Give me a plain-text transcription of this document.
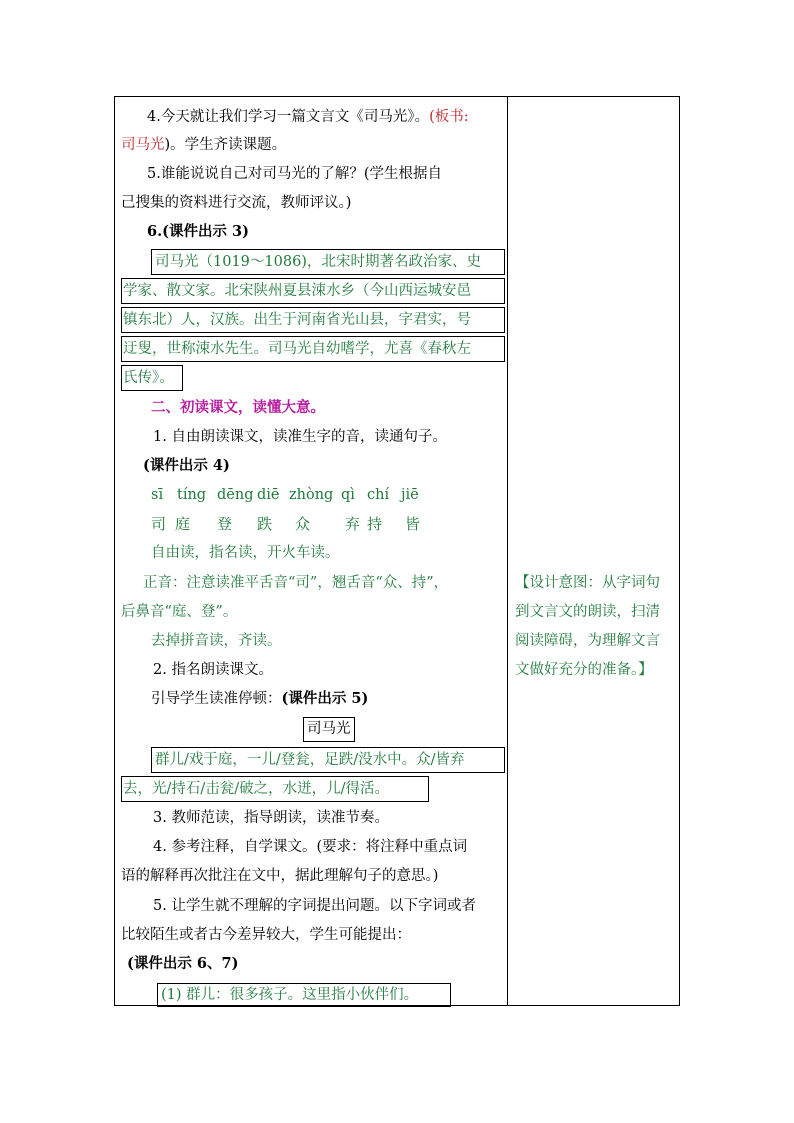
4.今天就让我们学习一篇文言文《司马光》。(板书:
司马光)。学生齐读课题。
5.谁能说说自己对司马光的了解？(学生根据自
己搜集的资料进行交流，教师评议。)
6.(课件出示 3)
司马光（1019～1086)，北宋时期著名政治家、史
学家、散文家。北宋陕州夏县涑水乡（今山西运城安邑
镇东北）人，汉族。出生于河南省光山县，字君实，号
迂叟，世称涑水先生。司马光自幼嗜学，尤喜《春秋左
氏传》。
二、初读课文，读懂大意。
1. 自由朗读课文，读准生字的音，读通句子。
(课件出示 4)
sī tíng dēng diē zhòng qì chí jiē
司 庭 登 跌 众 弃 持 皆
自由读，指名读，开火车读。
正音：注意读准平舌音“司”，翘舌音“众、持”，
后鼻音“庭、登”。
去掉拼音读，齐读。
2. 指名朗读课文。
引导学生读准停顿：(课件出示 5)
司马光
群儿/戏于庭，一儿/登瓮，足跌/没水中。众/皆弃
去，光/持石/击瓮/破之，水迸，儿/得活。
3. 教师范读，指导朗读，读准节奏。
4. 参考注释，自学课文。(要求：将注释中重点词
语的解释再次批注在文中，据此理解句子的意思。)
5. 让学生就不理解的字词提出问题。以下字词或者
比较陌生或者古今差异较大，学生可能提出：
(课件出示 6、7)
(1) 群儿：很多孩子。这里指小伙伴们。
【设计意图：从字词句
到文言文的朗读，扫清
阅读障碍，为理解文言
文做好充分的准备。】
